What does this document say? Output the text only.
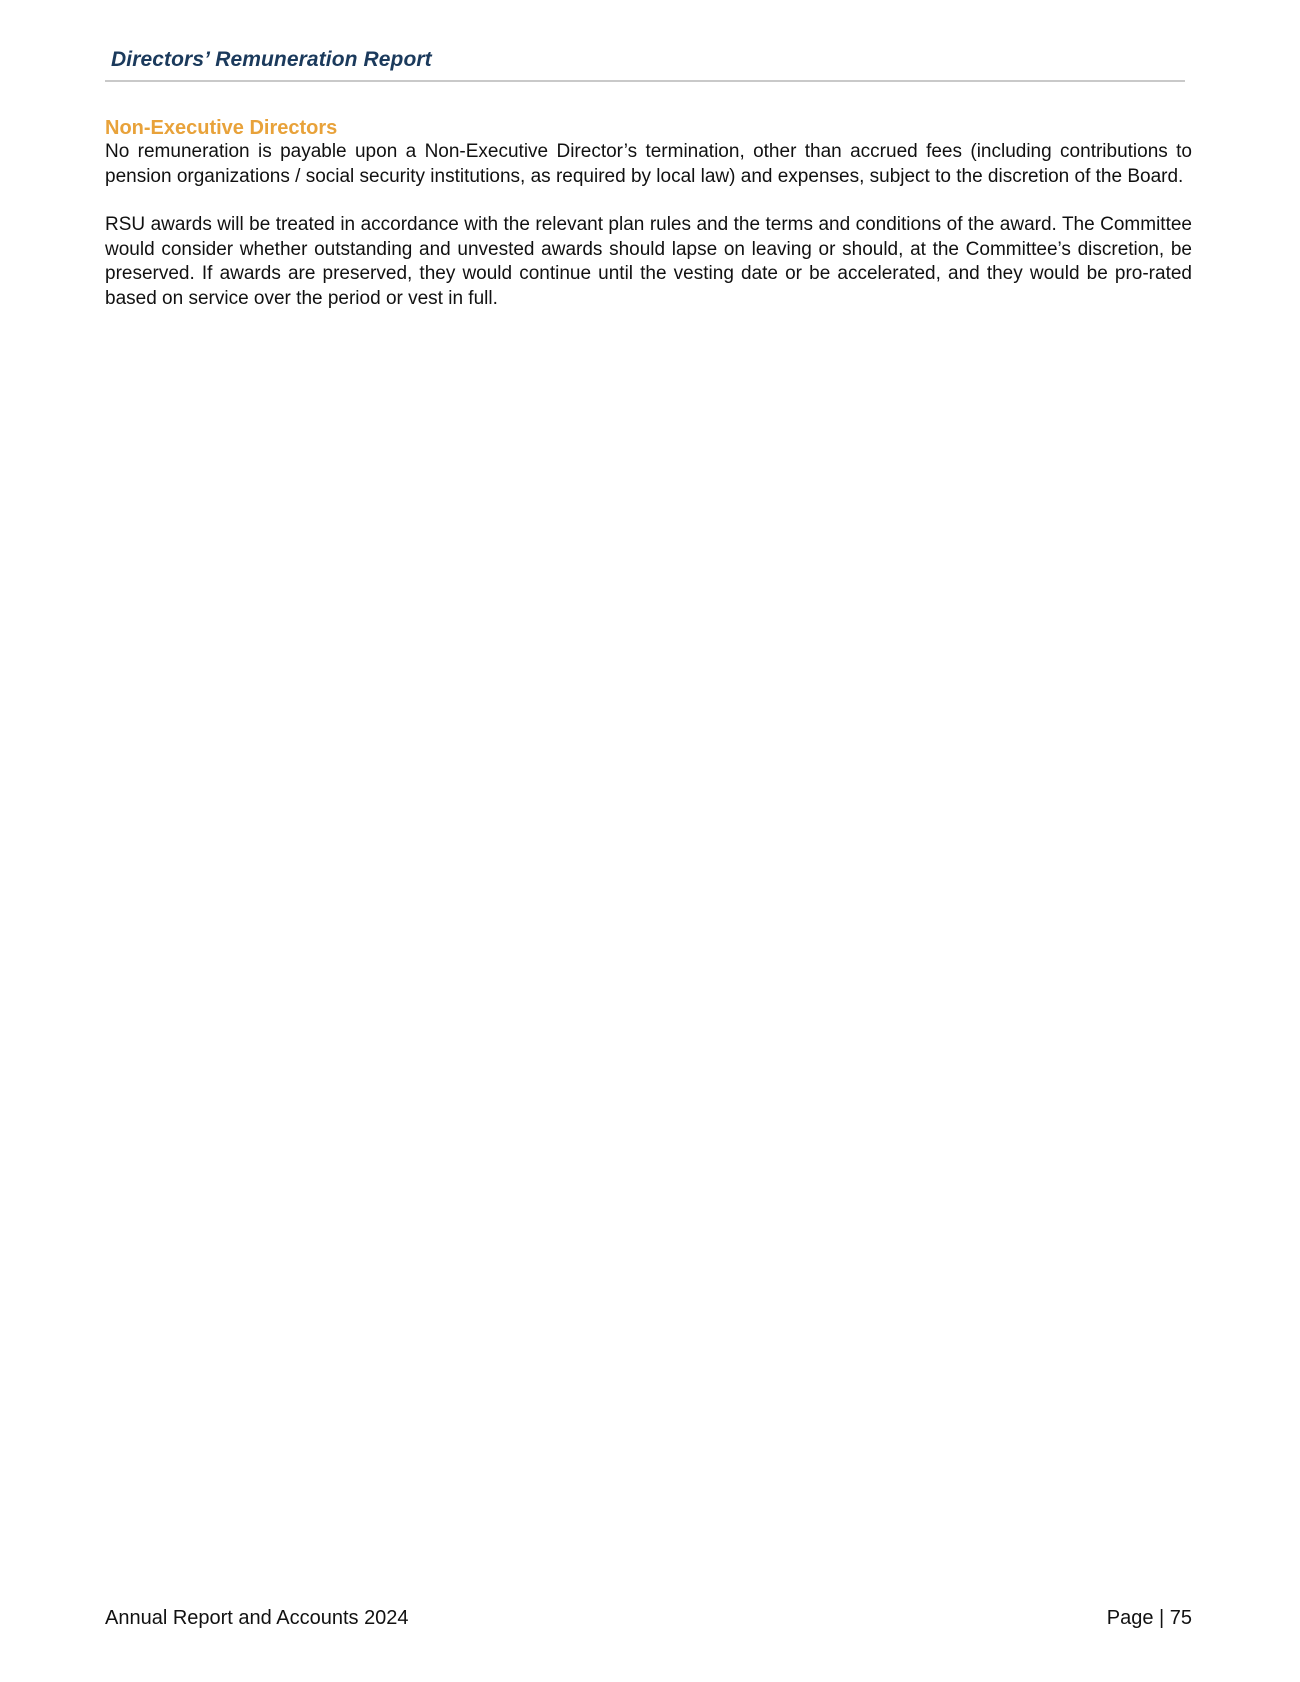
Directors’ Remuneration Report
Non-Executive Directors

No remuneration is payable upon a Non-Executive Director’s termination, other than accrued fees (including contributions to pension organizations / social security institutions, as required by local law) and expenses, subject to the discretion of the Board.

RSU awards will be treated in accordance with the relevant plan rules and the terms and conditions of the award. The Committee would consider whether outstanding and unvested awards should lapse on leaving or should, at the Committee’s discretion, be preserved. If awards are preserved, they would continue until the vesting date or be accelerated, and they would be pro-rated based on service over the period or vest in full.

Annual Report and Accounts 2024	Page | 75
